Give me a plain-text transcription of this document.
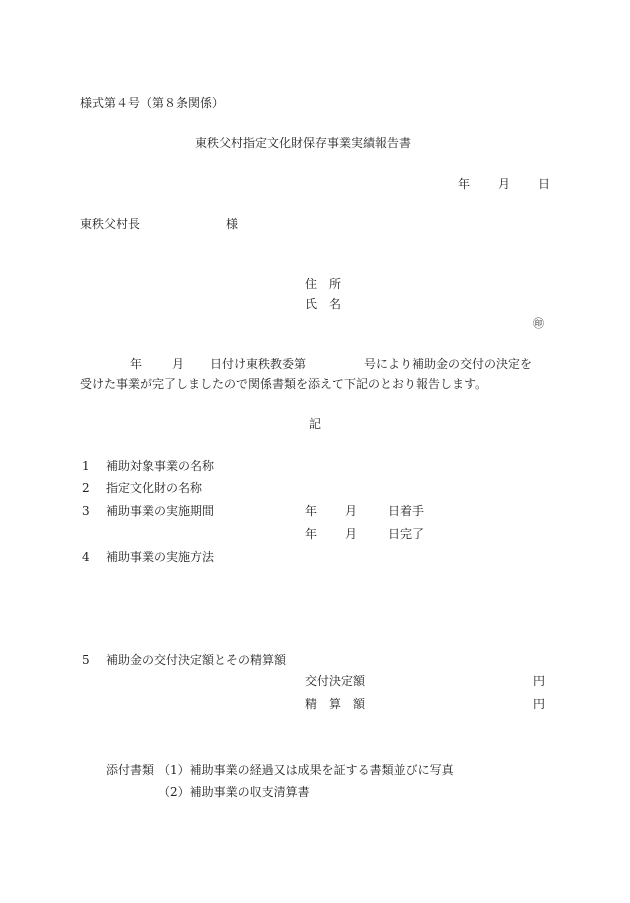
様式第４号（第８条関係）
東秩父村指定文化財保存事業実績報告書
年 月 日
東秩父村長	様
住　所
氏　名
㊞
年 月 日付け東秩教委第	号により補助金の交付の決定を
受けた事業が完了しましたので関係書類を添えて下記のとおり報告します。
記
1 補助対象事業の名称
2 指定文化財の名称
3 補助事業の実施期間	年 月	日着手
年 月	日完了
4 補助事業の実施方法
5 補助金の交付決定額とその精算額
交付決定額	円
精　算　額	円
添付書類 （1）補助事業の経過又は成果を証する書類並びに写真
（2）補助事業の収支清算書
